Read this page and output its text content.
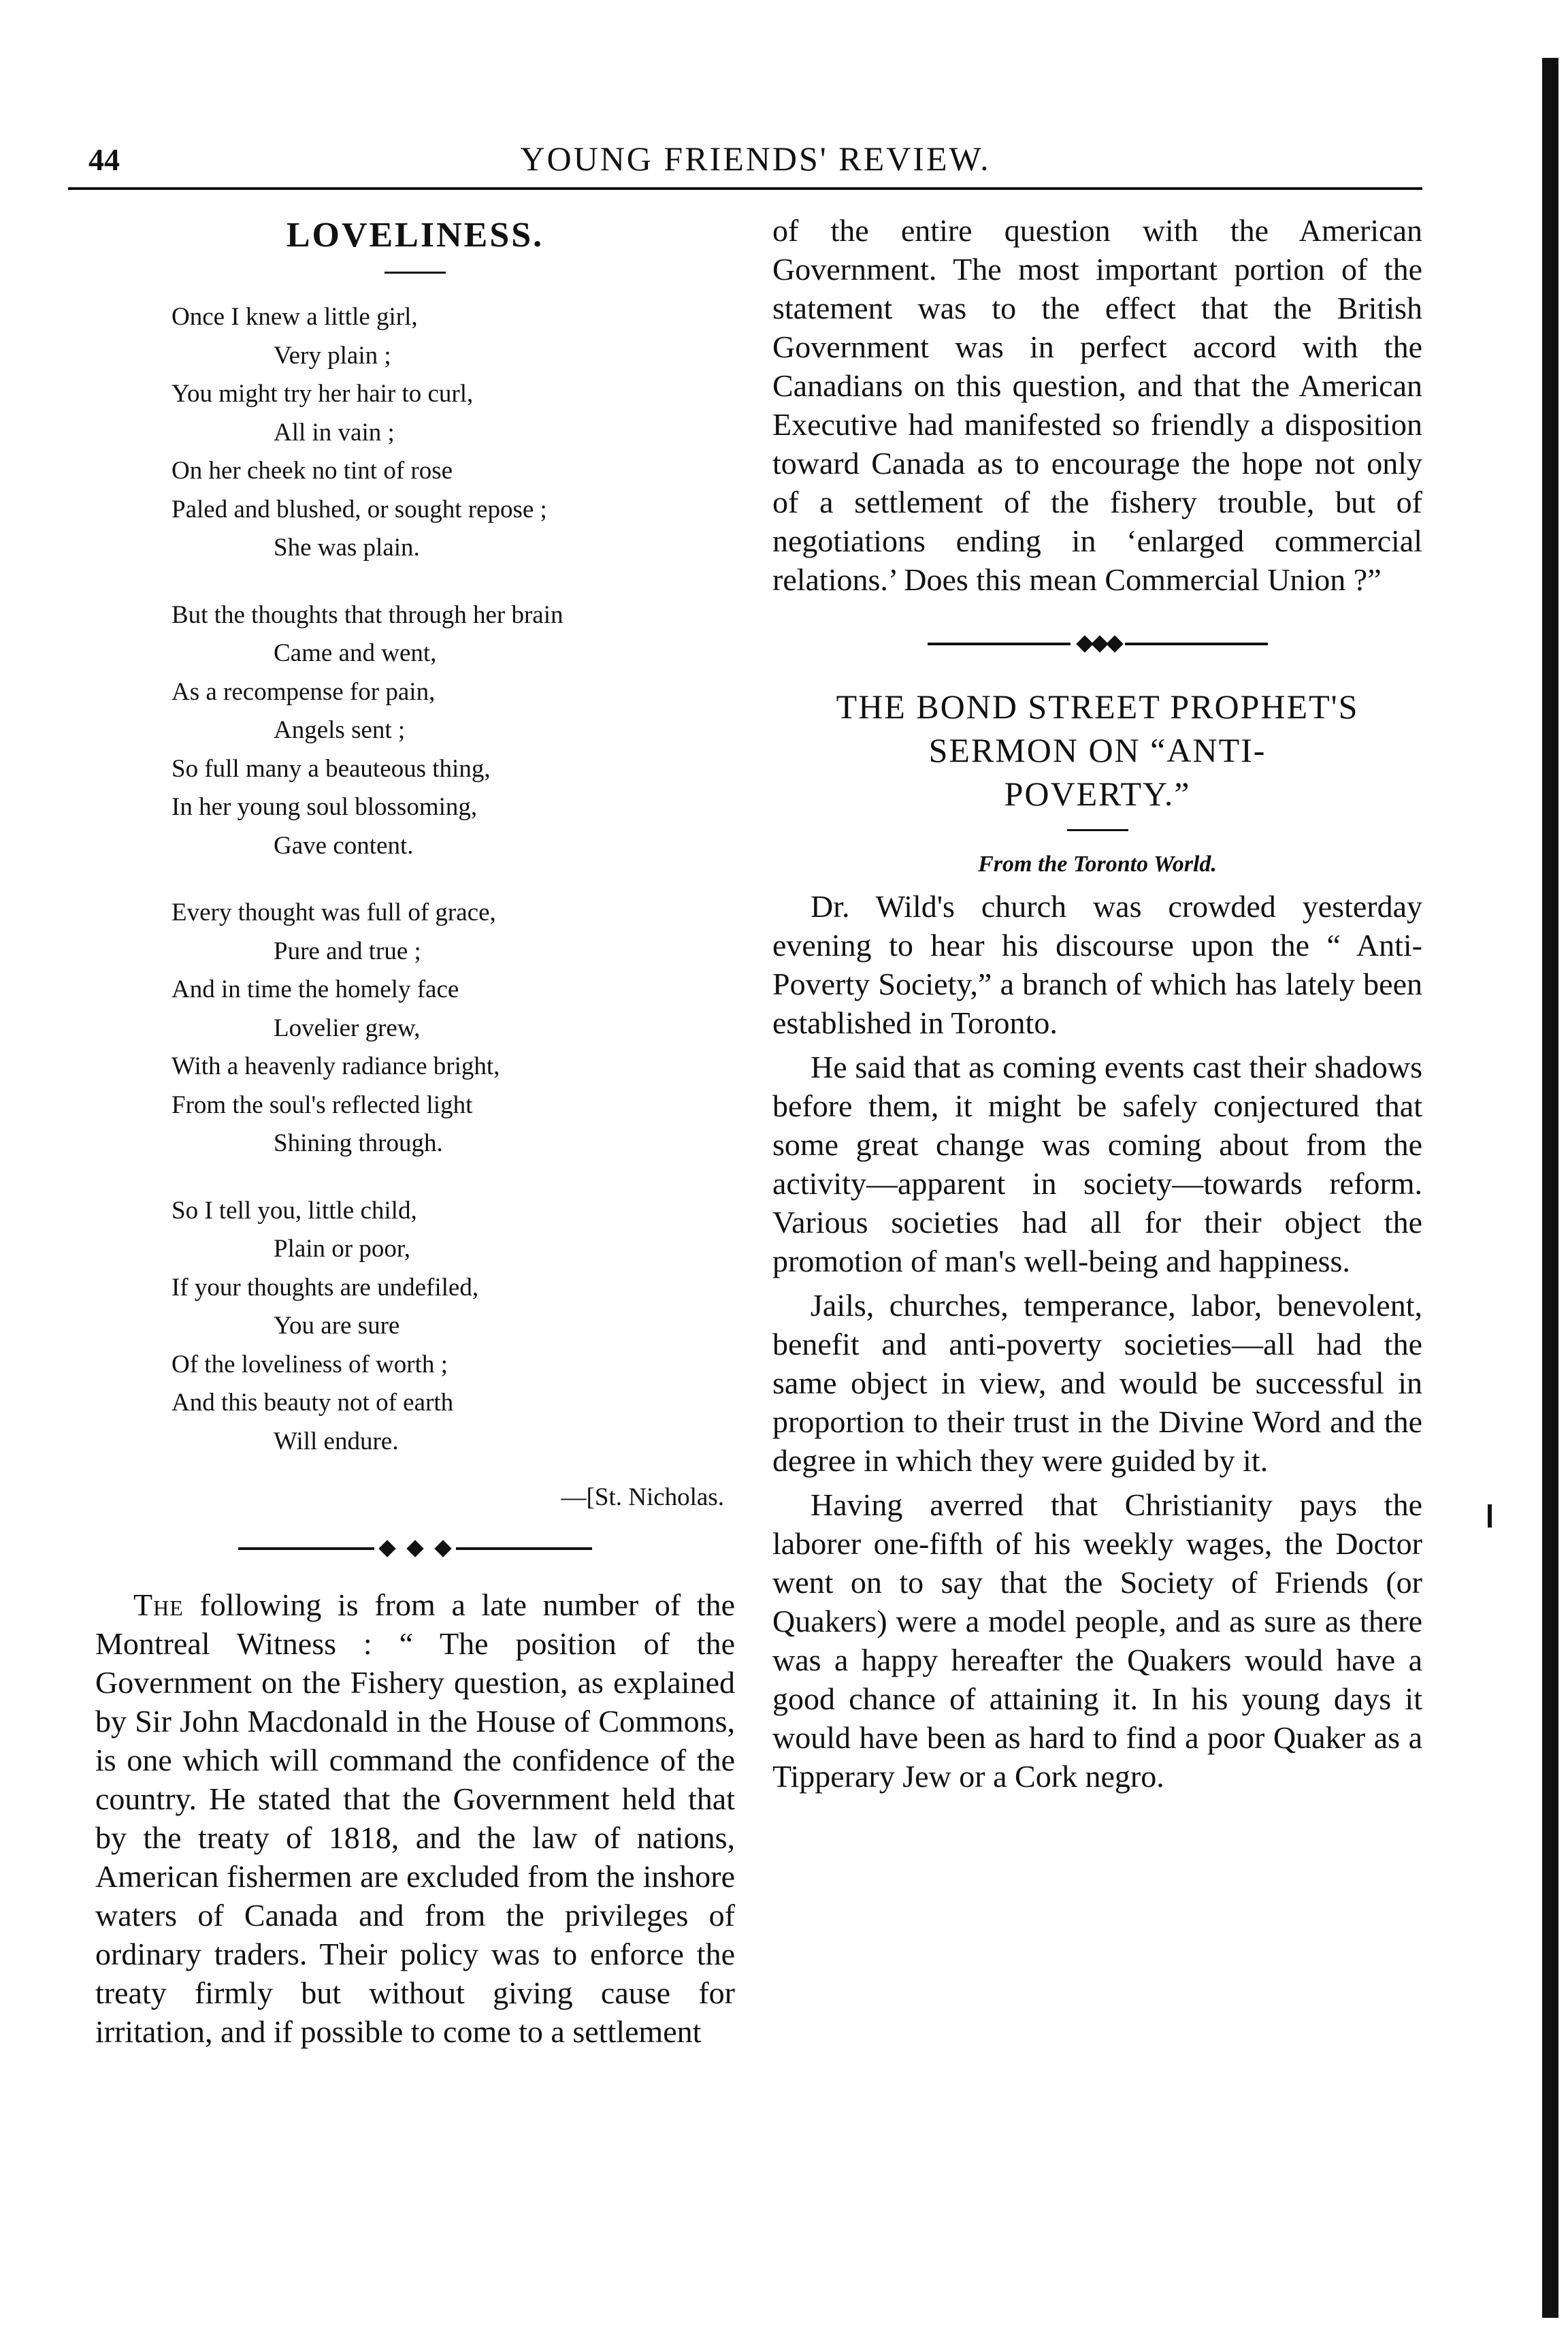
44	YOUNG FRIENDS' REVIEW.
LOVELINESS.
Once I knew a little girl,
Very plain ;
You might try her hair to curl,
All in vain ;
On her cheek no tint of rose
Paled and blushed, or sought repose ;
She was plain.
But the thoughts that through her brain
Came and went,
As a recompense for pain,
Angels sent ;
So full many a beauteous thing,
In her young soul blossoming,
Gave content.
Every thought was full of grace,
Pure and true ;
And in time the homely face
Lovelier grew,
With a heavenly radiance bright,
From the soul's reflected light
Shining through.
So I tell you, little child,
Plain or poor,
If your thoughts are undefiled,
You are sure
Of the loveliness of worth ;
And this beauty not of earth
Will endure.
—[St. Nicholas.

The following is from a late number of the Montreal Witness : “ The position of the Government on the Fishery question, as explained by Sir John Macdonald in the House of Commons, is one which will command the confidence of the country. He stated that the Government held that by the treaty of 1818, and the law of nations, American fishermen are excluded from the inshore waters of Canada and from the privileges of ordinary traders. Their policy was to enforce the treaty firmly but without giving cause for irritation, and if possible to come to a settlement

of the entire question with the American Government. The most important portion of the statement was to the effect that the British Government was in perfect accord with the Canadians on this question, and that the American Executive had manifested so friendly a disposition toward Canada as to encourage the hope not only of a settlement of the fishery trouble, but of negotiations ending in ‘enlarged commercial relations.’ Does this mean Commercial Union ?”

THE BOND STREET PROPHET'S

SERMON ON “ANTI-

POVERTY.”

From the Toronto World.

Dr. Wild's church was crowded yesterday evening to hear his discourse upon the “ Anti-Poverty Society,” a branch of which has lately been established in Toronto.

He said that as coming events cast their shadows before them, it might be safely conjectured that some great change was coming about from the activity—apparent in society—towards reform. Various societies had all for their object the promotion of man's well-being and happiness.

Jails, churches, temperance, labor, benevolent, benefit and anti-poverty societies—all had the same object in view, and would be successful in proportion to their trust in the Divine Word and the degree in which they were guided by it.

Having averred that Christianity pays the laborer one-fifth of his weekly wages, the Doctor went on to say that the Society of Friends (or Quakers) were a model people, and as sure as there was a happy hereafter the Quakers would have a good chance of attaining it. In his young days it would have been as hard to find a poor Quaker as a Tipperary Jew or a Cork negro.
